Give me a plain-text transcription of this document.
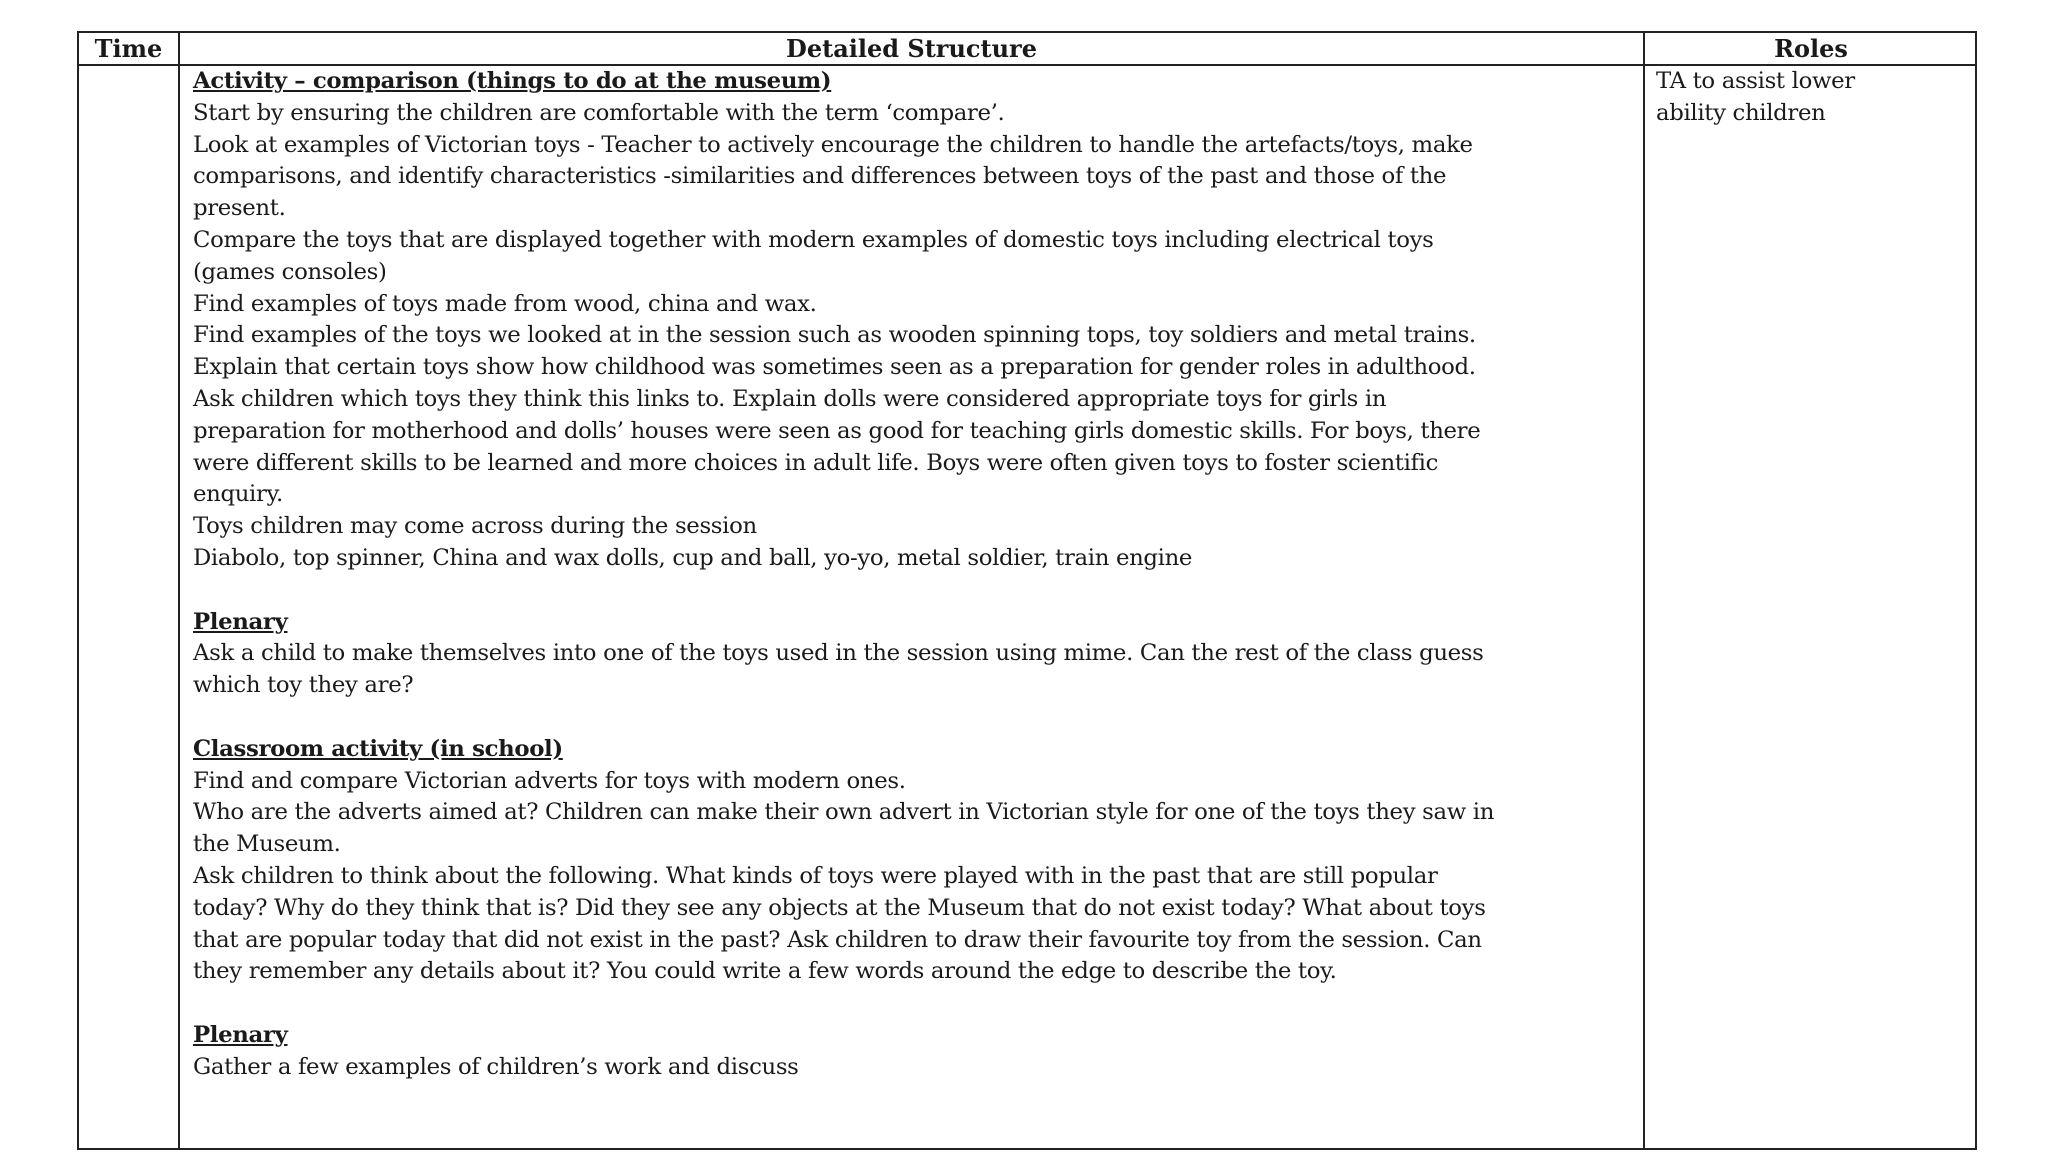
Time	Detailed Structure	Roles

Activity – comparison (things to do at the museum)

Start by ensuring the children are comfortable with the term ‘compare’.

Look at examples of Victorian toys - Teacher to actively encourage the children to handle the artefacts/toys, make

comparisons, and identify characteristics -similarities and differences between toys of the past and those of the

present.

Compare the toys that are displayed together with modern examples of domestic toys including electrical toys

(games consoles)

Find examples of toys made from wood, china and wax.

Find examples of the toys we looked at in the session such as wooden spinning tops, toy soldiers and metal trains.

Explain that certain toys show how childhood was sometimes seen as a preparation for gender roles in adulthood.

Ask children which toys they think this links to. Explain dolls were considered appropriate toys for girls in

preparation for motherhood and dolls’ houses were seen as good for teaching girls domestic skills. For boys, there

were different skills to be learned and more choices in adult life. Boys were often given toys to foster scientific

enquiry.

Toys children may come across during the session

Diabolo, top spinner, China and wax dolls, cup and ball, yo-yo, metal soldier, train engine

Plenary

Ask a child to make themselves into one of the toys used in the session using mime. Can the rest of the class guess

which toy they are?

Classroom activity (in school)

Find and compare Victorian adverts for toys with modern ones.

Who are the adverts aimed at? Children can make their own advert in Victorian style for one of the toys they saw in

the Museum.

Ask children to think about the following. What kinds of toys were played with in the past that are still popular

today? Why do they think that is? Did they see any objects at the Museum that do not exist today? What about toys

that are popular today that did not exist in the past? Ask children to draw their favourite toy from the session. Can

they remember any details about it? You could write a few words around the edge to describe the toy.

Plenary

Gather a few examples of children’s work and discuss

TA to assist lower
ability children
